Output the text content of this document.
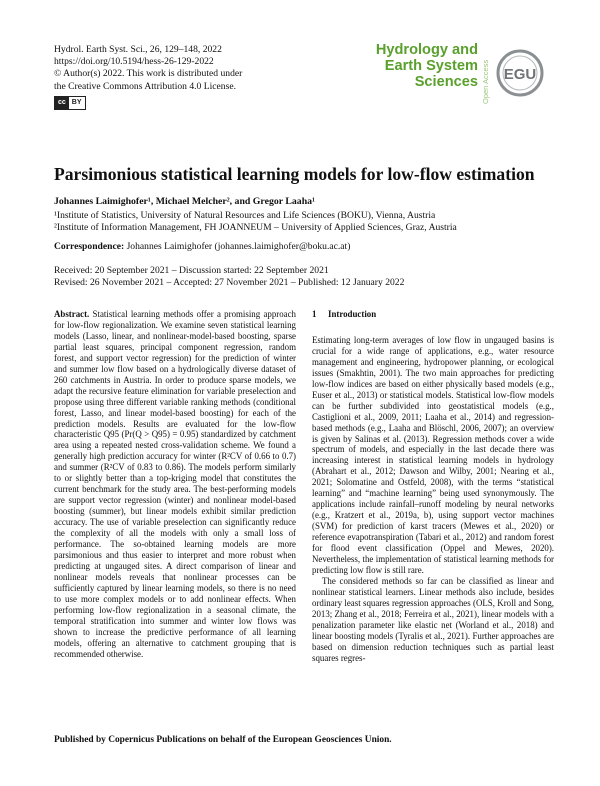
Hydrol. Earth Syst. Sci., 26, 129–148, 2022
https://doi.org/10.5194/hess-26-129-2022
© Author(s) 2022. This work is distributed under
the Creative Commons Attribution 4.0 License.
cc BY
Hydrology and
Earth System
Sciences Open Access EGU
Parsimonious statistical learning models for low-flow estimation
Johannes Laimighofer¹, Michael Melcher², and Gregor Laaha¹
¹Institute of Statistics, University of Natural Resources and Life Sciences (BOKU), Vienna, Austria
²Institute of Information Management, FH JOANNEUM – University of Applied Sciences, Graz, Austria
Correspondence: Johannes Laimighofer (johannes.laimighofer@boku.ac.at)
Received: 20 September 2021 – Discussion started: 22 September 2021
Revised: 26 November 2021 – Accepted: 27 November 2021 – Published: 12 January 2022

Abstract. Statistical learning methods offer a promising approach for low-flow regionalization. We examine seven statistical learning models (Lasso, linear, and nonlinear-model-based boosting, sparse partial least squares, principal component regression, random forest, and support vector regression) for the prediction of winter and summer low flow based on a hydrologically diverse dataset of 260 catchments in Austria. In order to produce sparse models, we adapt the recursive feature elimination for variable preselection and propose using three different variable ranking methods (conditional forest, Lasso, and linear model-based boosting) for each of the prediction models. Results are evaluated for the low-flow characteristic Q95 (Pr(Q > Q95) = 0.95) standardized by catchment area using a repeated nested cross-validation scheme. We found a generally high prediction accuracy for winter (R²CV of 0.66 to 0.7) and summer (R²CV of 0.83 to 0.86). The models perform similarly to or slightly better than a top-kriging model that constitutes the current benchmark for the study area. The best-performing models are support vector regression (winter) and nonlinear model-based boosting (summer), but linear models exhibit similar prediction accuracy. The use of variable preselection can significantly reduce the complexity of all the models with only a small loss of performance. The so-obtained learning models are more parsimonious and thus easier to interpret and more robust when predicting at ungauged sites. A direct comparison of linear and nonlinear models reveals that nonlinear processes can be sufficiently captured by linear learning models, so there is no need to use more complex models or to add nonlinear effects. When performing low-flow regionalization in a seasonal climate, the temporal stratification into summer and winter low flows was shown to increase the predictive performance of all learning models, offering an alternative to catchment grouping that is recommended otherwise.

1 Introduction

Estimating long-term averages of low flow in ungauged basins is crucial for a wide range of applications, e.g., water resource management and engineering, hydropower planning, or ecological issues (Smakhtin, 2001). The two main approaches for predicting low-flow indices are based on either physically based models (e.g., Euser et al., 2013) or statistical models. Statistical low-flow models can be further subdivided into geostatistical models (e.g., Castiglioni et al., 2009, 2011; Laaha et al., 2014) and regression-based methods (e.g., Laaha and Blöschl, 2006, 2007); an overview is given by Salinas et al. (2013). Regression methods cover a wide spectrum of models, and especially in the last decade there was increasing interest in statistical learning models in hydrology (Abrahart et al., 2012; Dawson and Wilby, 2001; Nearing et al., 2021; Solomatine and Ostfeld, 2008), with the terms “statistical learning” and “machine learning” being used synonymously. The applications include rainfall–runoff modeling by neural networks (e.g., Kratzert et al., 2019a, b), using support vector machines (SVM) for prediction of karst tracers (Mewes et al., 2020) or reference evapotranspiration (Tabari et al., 2012) and random forest for flood event classification (Oppel and Mewes, 2020). Nevertheless, the implementation of statistical learning methods for predicting low flow is still rare.

The considered methods so far can be classified as linear and nonlinear statistical learners. Linear methods also include, besides ordinary least squares regression approaches (OLS, Kroll and Song, 2013; Zhang et al., 2018; Ferreira et al., 2021), linear models with a penalization parameter like elastic net (Worland et al., 2018) and linear boosting models (Tyralis et al., 2021). Further approaches are based on dimension reduction techniques such as partial least squares regres-

Published by Copernicus Publications on behalf of the European Geosciences Union.
